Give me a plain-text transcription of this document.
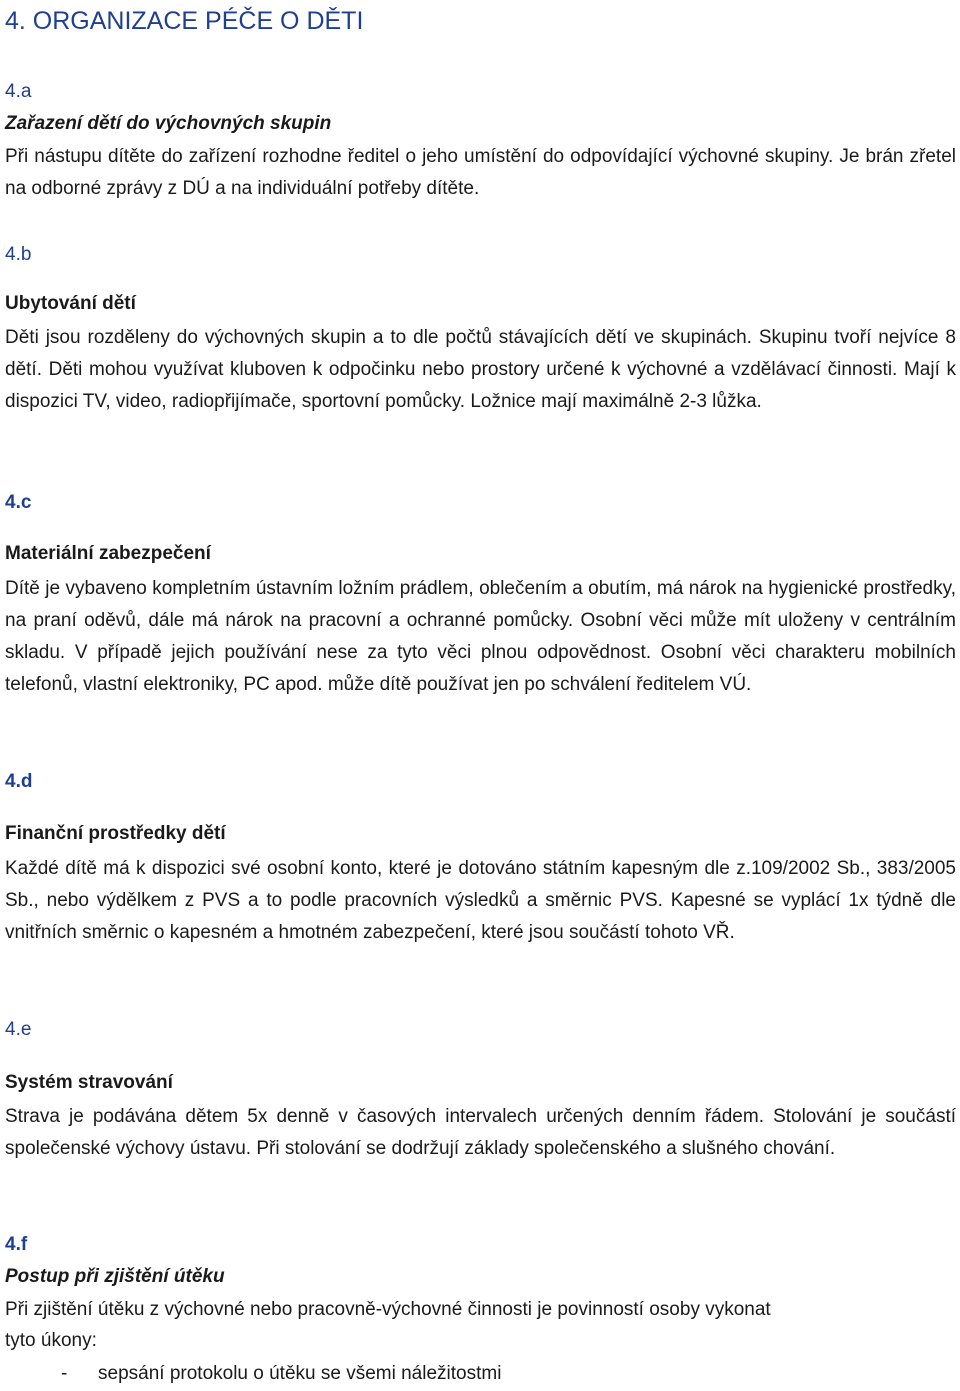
4. ORGANIZACE PÉČE O DĚTI
4.a
Zařazení dětí do výchovných skupin

Při nástupu dítěte do zařízení rozhodne ředitel o jeho umístění do odpovídající výchovné skupiny. Je brán zřetel na odborné zprávy z DÚ a na individuální potřeby dítěte.

4.b
Ubytování dětí

Děti jsou rozděleny do výchovných skupin a to dle počtů stávajících dětí ve skupinách. Skupinu tvoří nejvíce 8 dětí. Děti mohou využívat kluboven k odpočinku nebo prostory určené k výchovné a vzdělávací činnosti. Mají k dispozici TV, video, radiopřijímače, sportovní pomůcky. Ložnice mají maximálně 2-3 lůžka.

4.c
Materiální zabezpečení

Dítě je vybaveno kompletním ústavním ložním prádlem, oblečením a obutím, má nárok na hygienické prostředky, na praní oděvů, dále má nárok na pracovní a ochranné pomůcky. Osobní věci může mít uloženy v centrálním skladu. V případě jejich používání nese za tyto věci plnou odpovědnost. Osobní věci charakteru mobilních telefonů, vlastní elektroniky, PC apod. může dítě používat jen po schválení ředitelem VÚ.

4.d
Finanční prostředky dětí

Každé dítě má k dispozici své osobní konto, které je dotováno státním kapesným dle z.109/2002 Sb., 383/2005 Sb., nebo výdělkem z PVS a to podle pracovních výsledků a směrnic PVS. Kapesné se vyplácí 1x týdně dle vnitřních směrnic o kapesném a hmotném zabezpečení, které jsou součástí tohoto VŘ.

4.e
Systém stravování

Strava je podávána dětem 5x denně v časových intervalech určených denním řádem. Stolování je součástí společenské výchovy ústavu. Při stolování se dodržují základy společenského a slušného chování.

4.f
Postup při zjištění útěku

Při zjištění útěku z výchovné nebo pracovně-výchovné činnosti je povinností osoby vykonat tyto úkony:

-	sepsání protokolu o útěku se všemi náležitostmi
